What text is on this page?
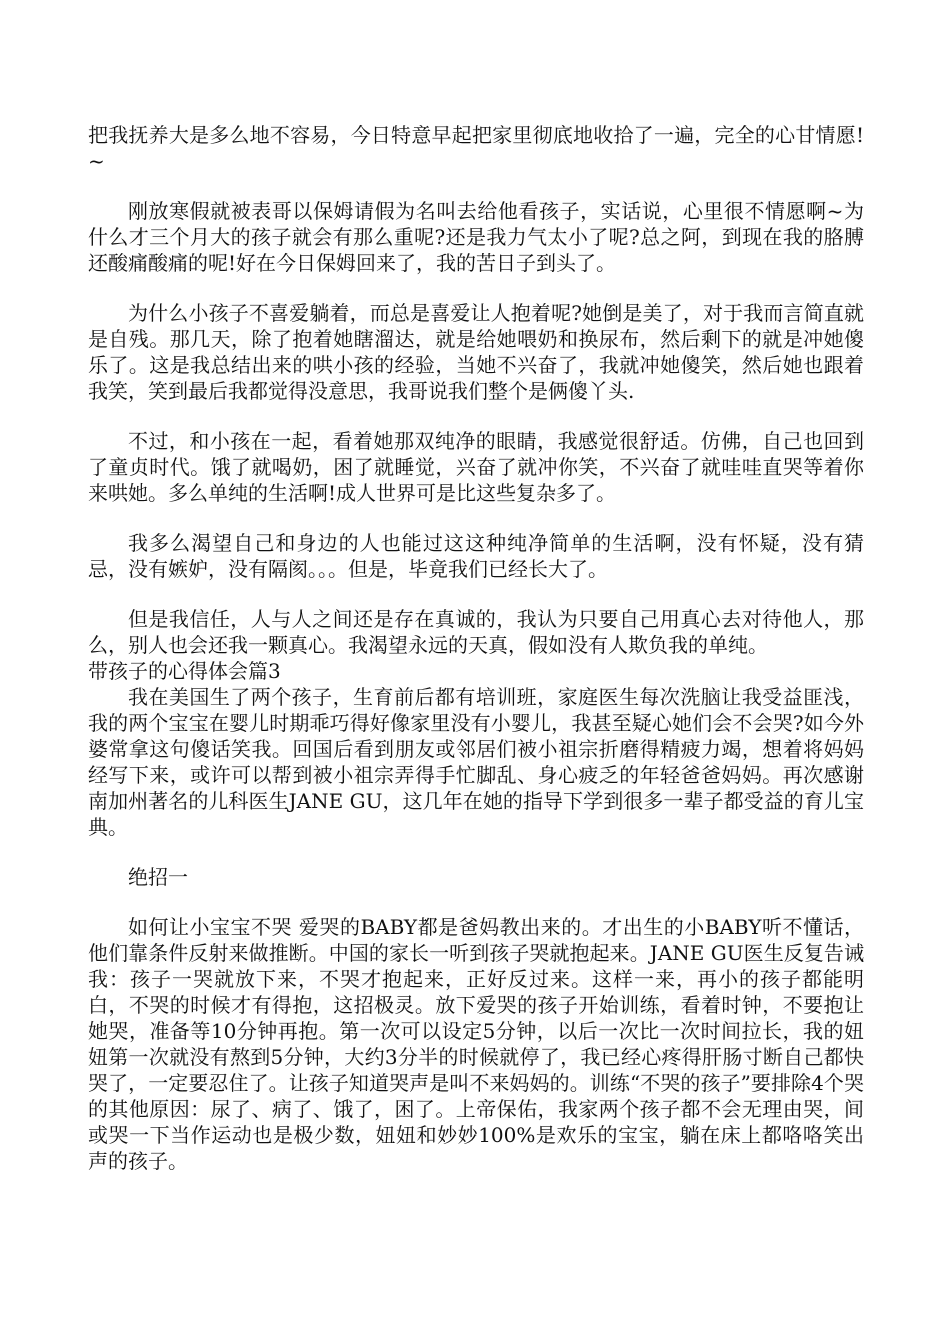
把我抚养大是多么地不容易，今日特意早起把家里彻底地收拾了一遍，完全的心甘情愿!~

刚放寒假就被表哥以保姆请假为名叫去给他看孩子，实话说，心里很不情愿啊~为什么才三个月大的孩子就会有那么重呢?还是我力气太小了呢?总之阿，到现在我的胳膊还酸痛酸痛的呢!好在今日保姆回来了，我的苦日子到头了。

为什么小孩子不喜爱躺着，而总是喜爱让人抱着呢?她倒是美了，对于我而言简直就是自残。那几天，除了抱着她瞎溜达，就是给她喂奶和换尿布，然后剩下的就是冲她傻乐了。这是我总结出来的哄小孩的经验，当她不兴奋了，我就冲她傻笑，然后她也跟着我笑，笑到最后我都觉得没意思，我哥说我们整个是俩傻丫头.

不过，和小孩在一起，看着她那双纯净的眼睛，我感觉很舒适。仿佛，自己也回到了童贞时代。饿了就喝奶，困了就睡觉，兴奋了就冲你笑，不兴奋了就哇哇直哭等着你来哄她。多么单纯的生活啊!成人世界可是比这些复杂多了。

我多么渴望自己和身边的人也能过这这种纯净简单的生活啊，没有怀疑，没有猜忌，没有嫉妒，没有隔阂。。。但是，毕竟我们已经长大了。

但是我信任，人与人之间还是存在真诚的，我认为只要自己用真心去对待他人，那么，别人也会还我一颗真心。我渴望永远的天真，假如没有人欺负我的单纯。

带孩子的心得体会篇3

我在美国生了两个孩子，生育前后都有培训班，家庭医生每次洗脑让我受益匪浅，我的两个宝宝在婴儿时期乖巧得好像家里没有小婴儿，我甚至疑心她们会不会哭?如今外婆常拿这句傻话笑我。回国后看到朋友或邻居们被小祖宗折磨得精疲力竭，想着将妈妈经写下来，或许可以帮到被小祖宗弄得手忙脚乱、身心疲乏的年轻爸爸妈妈。再次感谢南加州著名的儿科医生JANE GU，这几年在她的指导下学到很多一辈子都受益的育儿宝典。

绝招一

如何让小宝宝不哭 爱哭的BABY都是爸妈教出来的。才出生的小BABY听不懂话，他们靠条件反射来做推断。中国的家长一听到孩子哭就抱起来。JANE GU医生反复告诫我：孩子一哭就放下来，不哭才抱起来，正好反过来。这样一来，再小的孩子都能明白，不哭的时候才有得抱，这招极灵。放下爱哭的孩子开始训练，看着时钟，不要抱让她哭，准备等10分钟再抱。第一次可以设定5分钟，以后一次比一次时间拉长，我的妞妞第一次就没有熬到5分钟，大约3分半的时候就停了，我已经心疼得肝肠寸断自己都快哭了，一定要忍住了。让孩子知道哭声是叫不来妈妈的。训练“不哭的孩子”要排除4个哭的其他原因：尿了、病了、饿了，困了。上帝保佑，我家两个孩子都不会无理由哭，间或哭一下当作运动也是极少数，妞妞和妙妙100%是欢乐的宝宝，躺在床上都咯咯笑出声的孩子。
